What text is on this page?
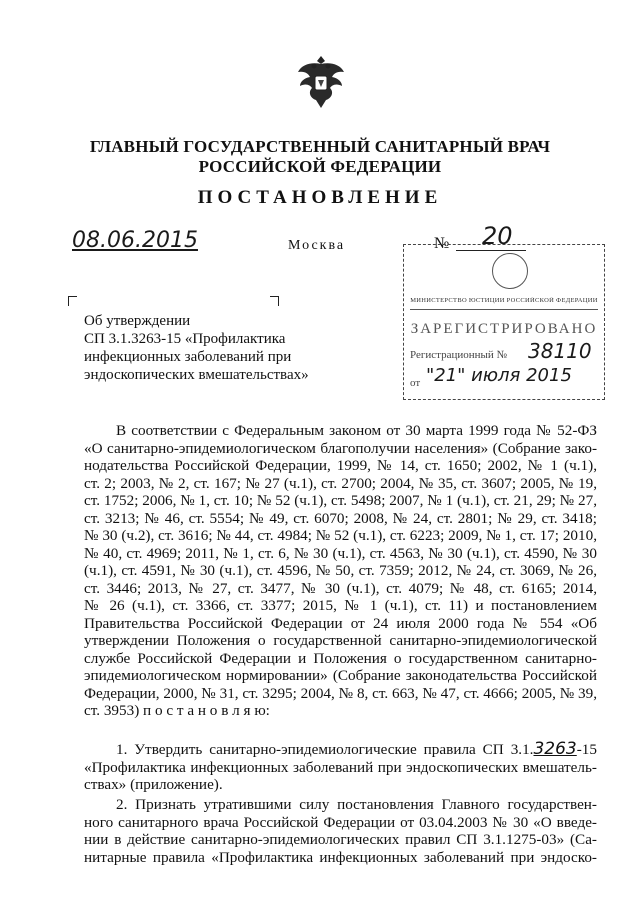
ГЛАВНЫЙ ГОСУДАРСТВЕННЫЙ САНИТАРНЫЙ ВРАЧ
РОССИЙСКОЙ ФЕДЕРАЦИИ
ПОСТАНОВЛЕНИЕ
08.06.2015	Москва	№ 20
МИНИСТЕРСТВО ЮСТИЦИИ РОССИЙСКОЙ ФЕДЕРАЦИИ
ЗАРЕГИСТРИРОВАНО
Регистрационный № 38110
от "21" июля 2015
Об утверждении
СП 3.1.3263-15 «Профилактика
инфекционных заболеваний при
эндоскопических вмешательствах»
В соответствии с Федеральным законом от 30 марта 1999 года № 52-ФЗ
«О санитарно-эпидемиологическом благополучии населения» (Собрание зако-
нодательства Российской Федерации, 1999, № 14, ст. 1650; 2002, № 1 (ч.1),
ст. 2; 2003, № 2, ст. 167; № 27 (ч.1), ст. 2700; 2004, № 35, ст. 3607; 2005, № 19,
ст. 1752; 2006, № 1, ст. 10; № 52 (ч.1), ст. 5498; 2007, № 1 (ч.1), ст. 21, 29; № 27,
ст. 3213; № 46, ст. 5554; № 49, ст. 6070; 2008, № 24, ст. 2801; № 29, ст. 3418;
№ 30 (ч.2), ст. 3616; № 44, ст. 4984; № 52 (ч.1), ст. 6223; 2009, № 1, ст. 17; 2010,
№ 40, ст. 4969; 2011, № 1, ст. 6, № 30 (ч.1), ст. 4563, № 30 (ч.1), ст. 4590, № 30
(ч.1), ст. 4591, № 30 (ч.1), ст. 4596, № 50, ст. 7359; 2012, № 24, ст. 3069, № 26,
ст. 3446; 2013, № 27, ст. 3477, № 30 (ч.1), ст. 4079; № 48, ст. 6165; 2014,
№ 26 (ч.1), ст. 3366, ст. 3377; 2015, № 1 (ч.1), ст. 11) и постановлением
Правительства Российской Федерации от 24 июля 2000 года № 554 «Об
утверждении Положения о государственной санитарно-эпидемиологической
службе Российской Федерации и Положения о государственном санитарно-
эпидемиологическом нормировании» (Собрание законодательства Российской
Федерации, 2000, № 31, ст. 3295; 2004, № 8, ст. 663, № 47, ст. 4666; 2005, № 39,
ст. 3953) п о с т а н о в л я ю:
1. Утвердить санитарно-эпидемиологические правила СП 3.1.3263-15
«Профилактика инфекционных заболеваний при эндоскопических вмешатель-
ствах» (приложение).
2. Признать утратившими силу постановления Главного государствен-
ного санитарного врача Российской Федерации от 03.04.2003 № 30 «О введе-
нии в действие санитарно-эпидемиологических правил СП 3.1.1275-03» (Са-
нитарные правила «Профилактика инфекционных заболеваний при эндоско-
